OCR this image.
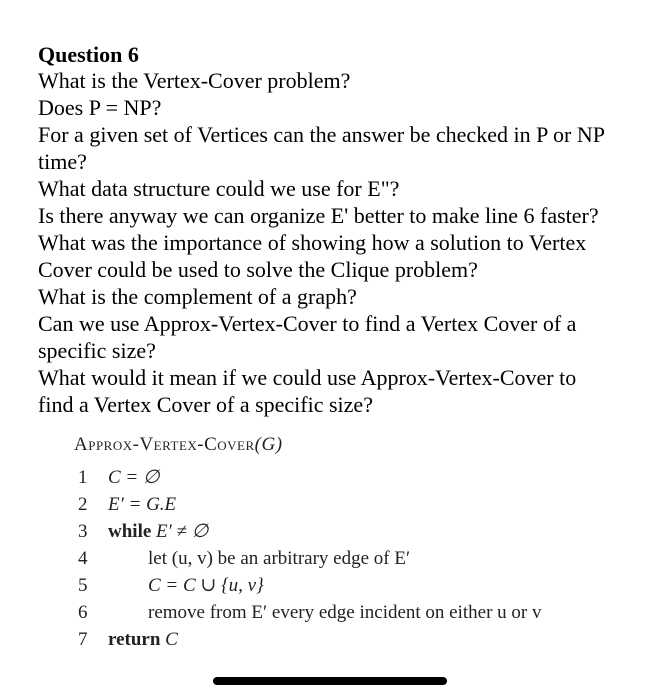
Question 6
What is the Vertex-Cover problem?
Does P = NP?
For a given set of Vertices can the answer be checked in P or NP
time?
What data structure could we use for E"?
Is there anyway we can organize E' better to make line 6 faster?
What was the importance of showing how a solution to Vertex
Cover could be used to solve the Clique problem?
What is the complement of a graph?
Can we use Approx-Vertex-Cover to find a Vertex Cover of a
specific size?
What would it mean if we could use Approx-Vertex-Cover to
find a Vertex Cover of a specific size?
Approx-Vertex-Cover(G)
1 C = ∅
2 E′ = G.E
3 while E′ ≠ ∅
4	let (u, v) be an arbitrary edge of E′
5	C = C ∪ {u, v}
6	remove from E′ every edge incident on either u or v
7 return C
